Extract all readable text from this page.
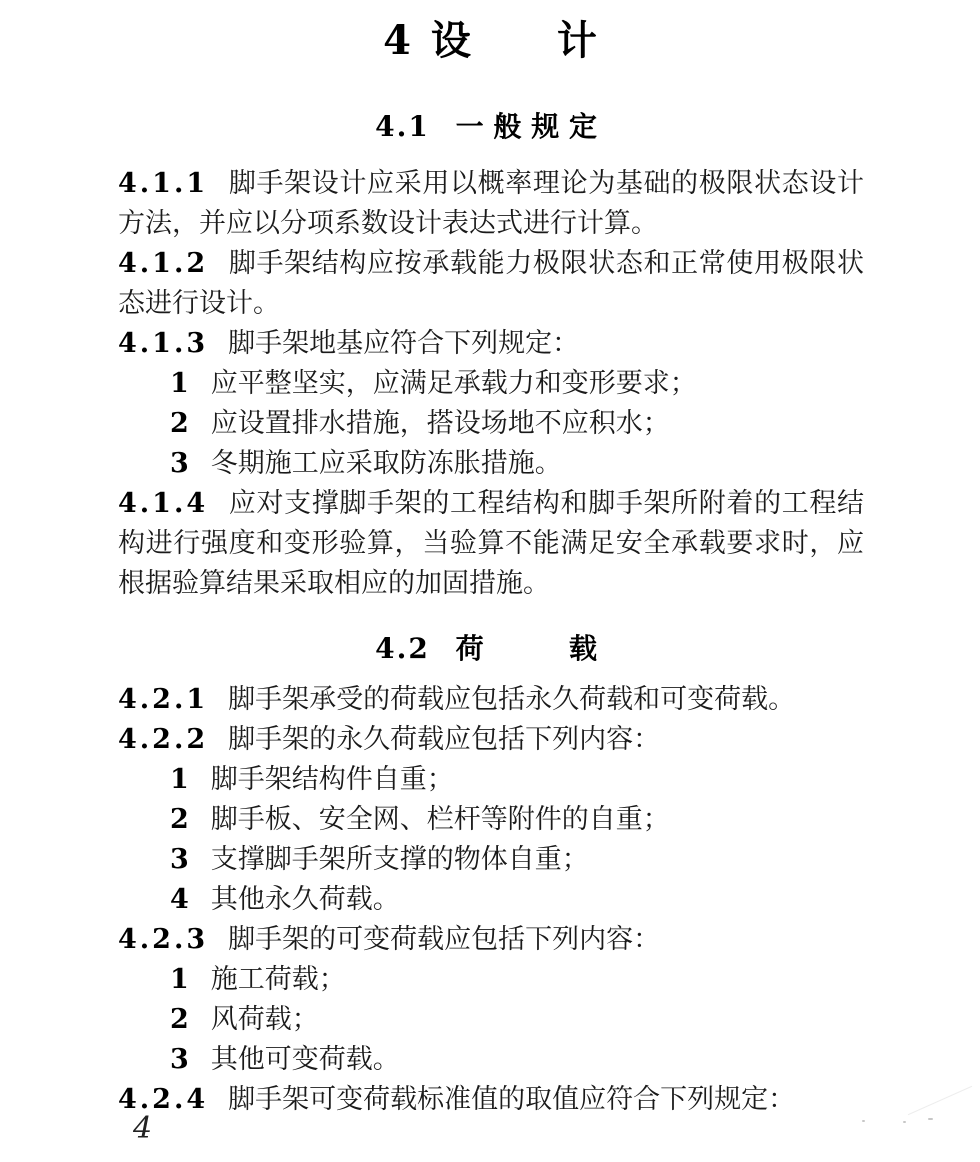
4 设　　计
4.1 一般规定

4.1.1 脚手架设计应采用以概率理论为基础的极限状态设计方法，并应以分项系数设计表达式进行计算。

4.1.2 脚手架结构应按承载能力极限状态和正常使用极限状态进行设计。

4.1.3 脚手架地基应符合下列规定：

1 应平整坚实，应满足承载力和变形要求；

2 应设置排水措施，搭设场地不应积水；

3 冬期施工应采取防冻胀措施。

4.1.4 应对支撑脚手架的工程结构和脚手架所附着的工程结构进行强度和变形验算，当验算不能满足安全承载要求时，应根据验算结果采取相应的加固措施。

4.2 荷　　载

4.2.1 脚手架承受的荷载应包括永久荷载和可变荷载。

4.2.2 脚手架的永久荷载应包括下列内容：

1 脚手架结构件自重；

2 脚手板、安全网、栏杆等附件的自重；

3 支撑脚手架所支撑的物体自重；

4 其他永久荷载。

4.2.3 脚手架的可变荷载应包括下列内容：

1 施工荷载；

2 风荷载；

3 其他可变荷载。

4.2.4 脚手架可变荷载标准值的取值应符合下列规定：

4
